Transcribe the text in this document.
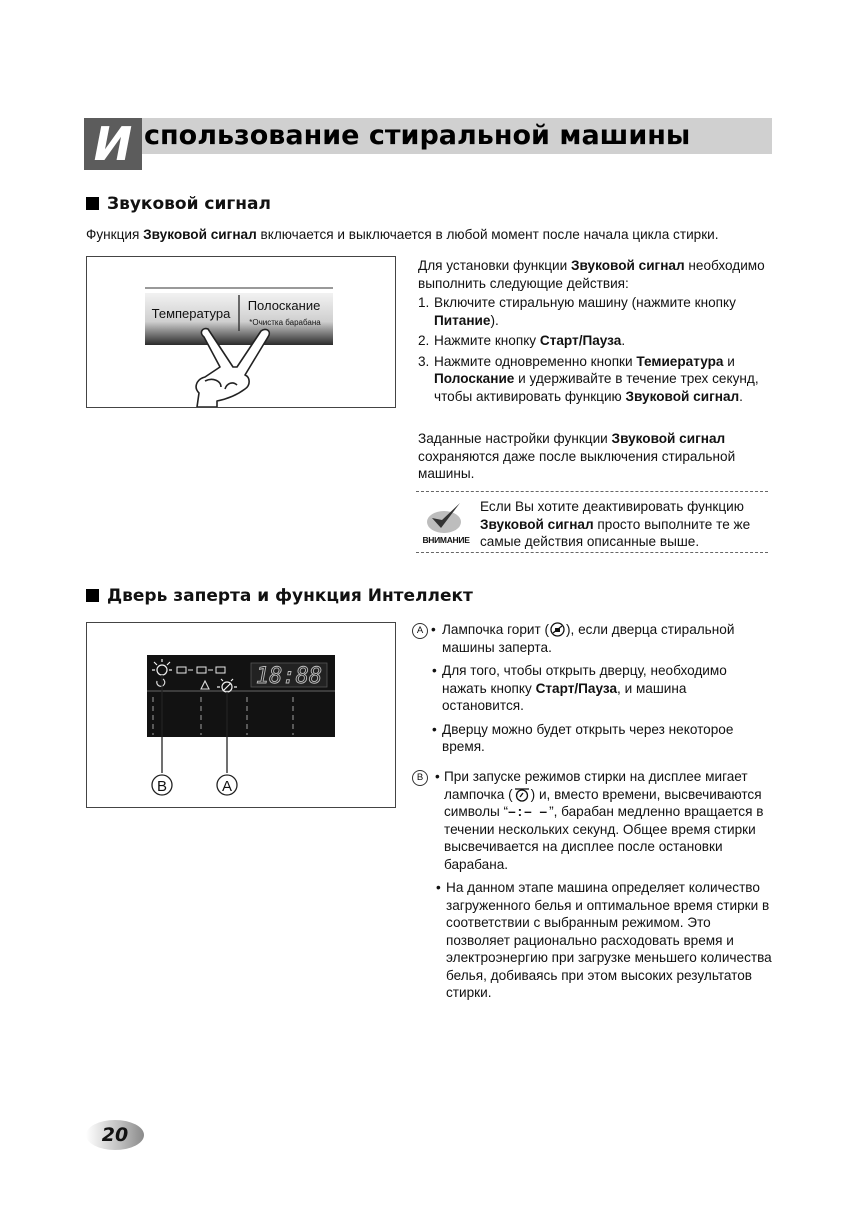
И спользование стиральной машины
Звуковой сигнал
Функция Звуковой сигнал включается и выключается в любой момент после начала цикла стирки.
Температура
Полоскание
*Очистка барабана
Для установки функции Звуковой сигнал необходимо выполнить следующие действия:
1. Включите стиральную машину (нажмите кнопку Питание).
2. Нажмите кнопку Старт/Пауза.
3. Нажмите одновременно кнопки Темиература и Полоскание и удерживайте в течение трех секунд, чтобы активировать функцию Звуковой сигнал.
Заданные настройки функции Звуковой сигнал сохраняются даже после выключения стиральной машины.
ВНИМАНИЕ
Если Вы хотите деактивировать функцию Звуковой сигнал просто выполните те же самые действия описанные выше.
Дверь заперта и функция Интеллект
18:88
B	A
A • Лампочка горит ( ), если дверца стиральной машины заперта.
• Для того, чтобы открыть дверцу, необходимо нажать кнопку Старт/Пауза, и машина остановится.
• Дверцу можно будет открыть через некоторое время.
B • При запуске режимов стирки на дисплее мигает лампочка ( ) и, вместо времени, высвечиваются символы “–:– –”, барабан медленно вращается в течении нескольких секунд. Общее время стирки высвечивается на дисплее после остановки барабана.
• На данном этапе машина определяет количество загруженного белья и оптимальное время стирки в соответствии с выбранным режимом. Это позволяет рационально расходовать время и электроэнергию при загрузке меньшего количества белья, добиваясь при этом высоких результатов стирки.
20
